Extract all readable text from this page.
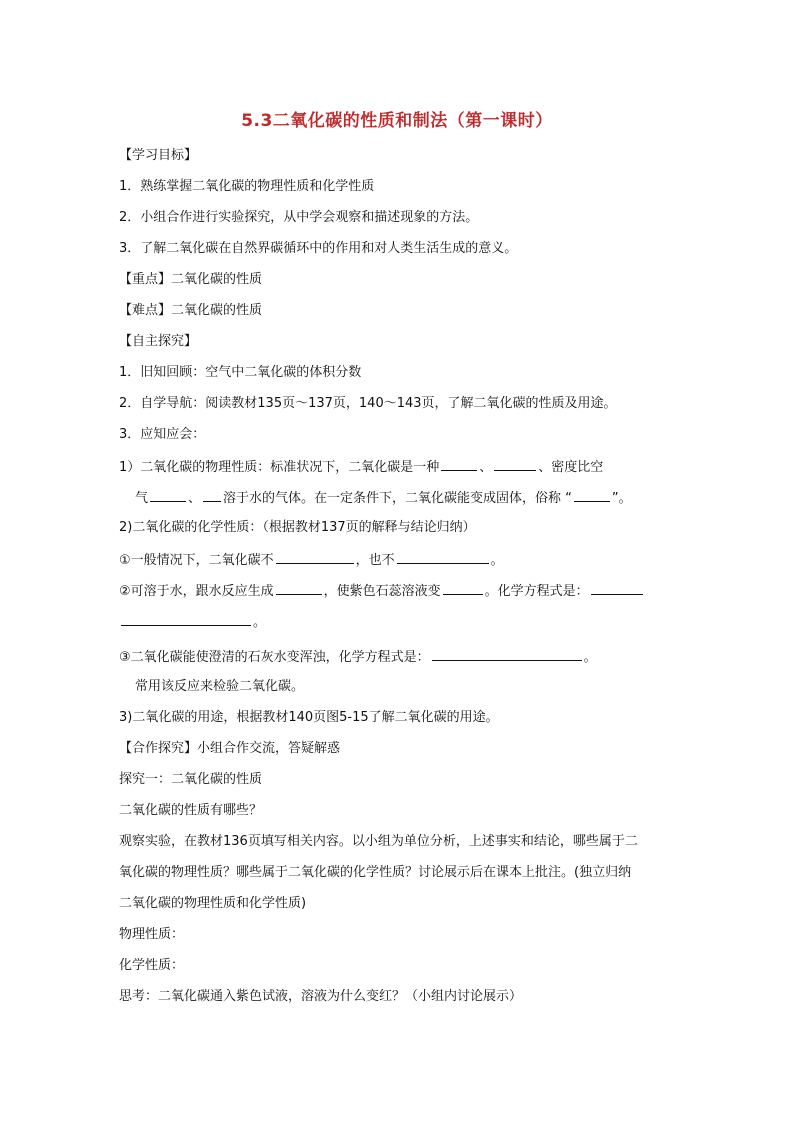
5.3二氧化碳的性质和制法（第一课时）
【学习目标】
1．熟练掌握二氧化碳的物理性质和化学性质
2．小组合作进行实验探究，从中学会观察和描述现象的方法。
3．了解二氧化碳在自然界碳循环中的作用和对人类生活生成的意义。
【重点】二氧化碳的性质
【难点】二氧化碳的性质
【自主探究】
1．旧知回顾：空气中二氧化碳的体积分数
2．自学导航：阅读教材135页～137页，140～143页，了解二氧化碳的性质及用途。
3．应知应会：
1）二氧化碳的物理性质：标准状况下，二氧化碳是一种	、	、密度比空
气	、 溶于水的气体。在一定条件下，二氧化碳能变成固体，俗称 “	”。
2)二氧化碳的化学性质：（根据教材137页的解释与结论归纳）
①一般情况下，二氧化碳不	，也不	。
②可溶于水，跟水反应生成	，使紫色石蕊溶液变	。化学方程式是：
。
③二氧化碳能使澄清的石灰水变浑浊，化学方程式是：	。
常用该反应来检验二氧化碳。
3)二氧化碳的用途，根据教材140页图5-15了解二氧化碳的用途。
【合作探究】小组合作交流，答疑解惑
探究一：二氧化碳的性质
二氧化碳的性质有哪些？
观察实验，在教材136页填写相关内容。以小组为单位分析，上述事实和结论，哪些属于二
氧化碳的物理性质？哪些属于二氧化碳的化学性质？讨论展示后在课本上批注。(独立归纳
二氧化碳的物理性质和化学性质)
物理性质：
化学性质：
思考：二氧化碳通入紫色试液，溶液为什么变红？（小组内讨论展示）
